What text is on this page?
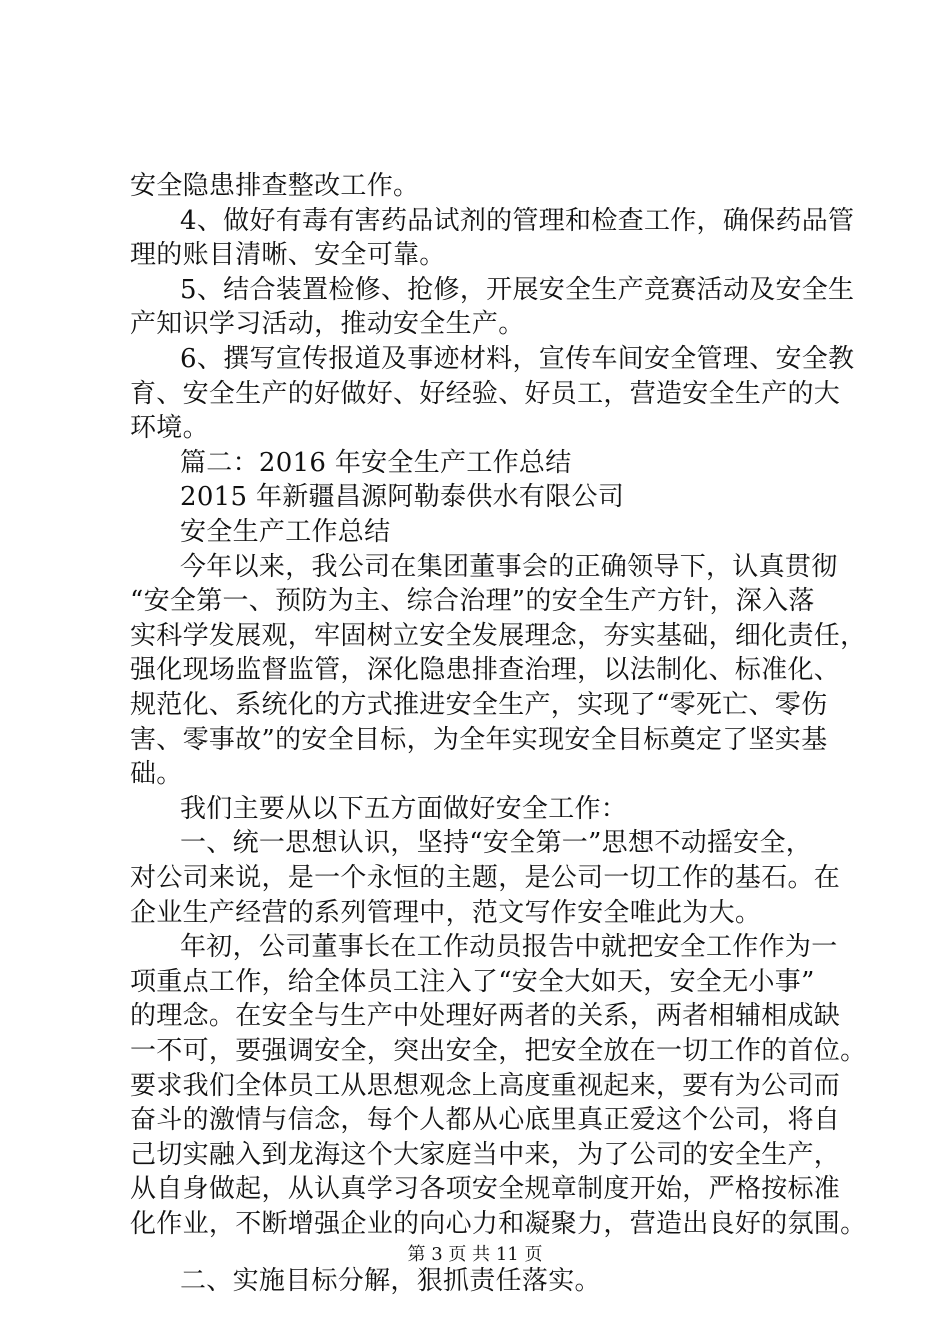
安全隐患排查整改工作。
4、做好有毒有害药品试剂的管理和检查工作，确保药品管
理的账目清晰、安全可靠。
5、结合装置检修、抢修，开展安全生产竞赛活动及安全生
产知识学习活动，推动安全生产。
6、撰写宣传报道及事迹材料，宣传车间安全管理、安全教
育、安全生产的好做好、好经验、好员工，营造安全生产的大
环境。
篇二：2016 年安全生产工作总结
2015 年新疆昌源阿勒泰供水有限公司
安全生产工作总结
今年以来，我公司在集团董事会的正确领导下，认真贯彻
“安全第一、预防为主、综合治理”的安全生产方针，深入落
实科学发展观，牢固树立安全发展理念，夯实基础，细化责任，
强化现场监督监管，深化隐患排查治理，以法制化、标准化、
规范化、系统化的方式推进安全生产，实现了“零死亡、零伤
害、零事故”的安全目标，为全年实现安全目标奠定了坚实基
础。
我们主要从以下五方面做好安全工作：
一、统一思想认识，坚持“安全第一”思想不动摇安全，
对公司来说，是一个永恒的主题，是公司一切工作的基石。在
企业生产经营的系列管理中，范文写作安全唯此为大。
年初，公司董事长在工作动员报告中就把安全工作作为一
项重点工作，给全体员工注入了“安全大如天，安全无小事”
的理念。在安全与生产中处理好两者的关系，两者相辅相成缺
一不可，要强调安全，突出安全，把安全放在一切工作的首位。
要求我们全体员工从思想观念上高度重视起来，要有为公司而
奋斗的激情与信念，每个人都从心底里真正爱这个公司，将自
己切实融入到龙海这个大家庭当中来，为了公司的安全生产，
从自身做起，从认真学习各项安全规章制度开始，严格按标准
化作业，不断增强企业的向心力和凝聚力，营造出良好的氛围。
二、实施目标分解，狠抓责任落实。
第 3 页 共 11 页
